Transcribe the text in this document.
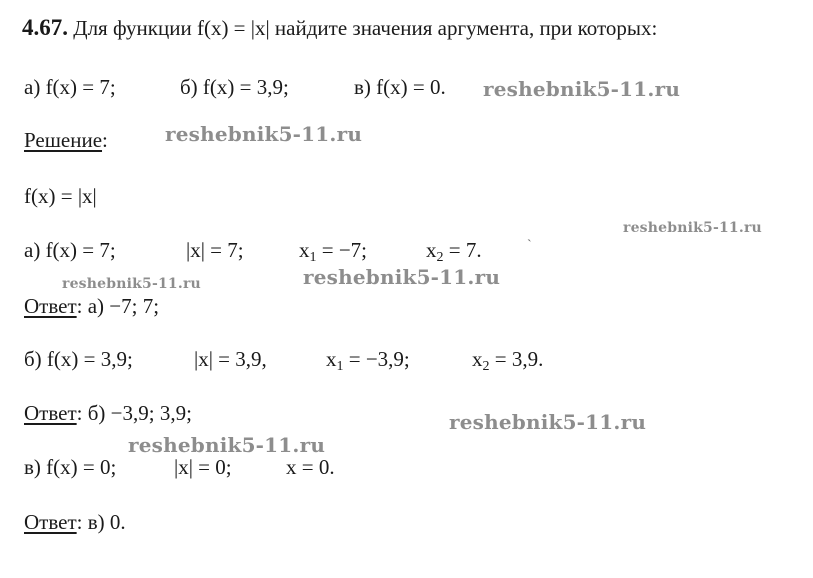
4.67. Для функции f(x) = |x| найдите значения аргумента, при которых:
а) f(x) = 7;	б) f(x) = 3,9;	в) f(x) = 0.
Решение:
f(x) = |x|
а) f(x) = 7;	|x| = 7;	$x_1 = -7$;	$x_2 = 7$.	ˋ
Ответ: а) −7; 7;
б) f(x) = 3,9;	|x| = 3,9,	$x_1 = -3,9$;	$x_2 = 3,9$.
Ответ: б) −3,9; 3,9;
в) f(x) = 0;	|x| = 0;	x = 0.
Ответ: в) 0.
reshebnik5-11.ru
reshebnik5-11.ru
reshebnik5-11.ru
reshebnik5-11.ru	reshebnik5-11.ru
reshebnik5-11.ru
reshebnik5-11.ru
